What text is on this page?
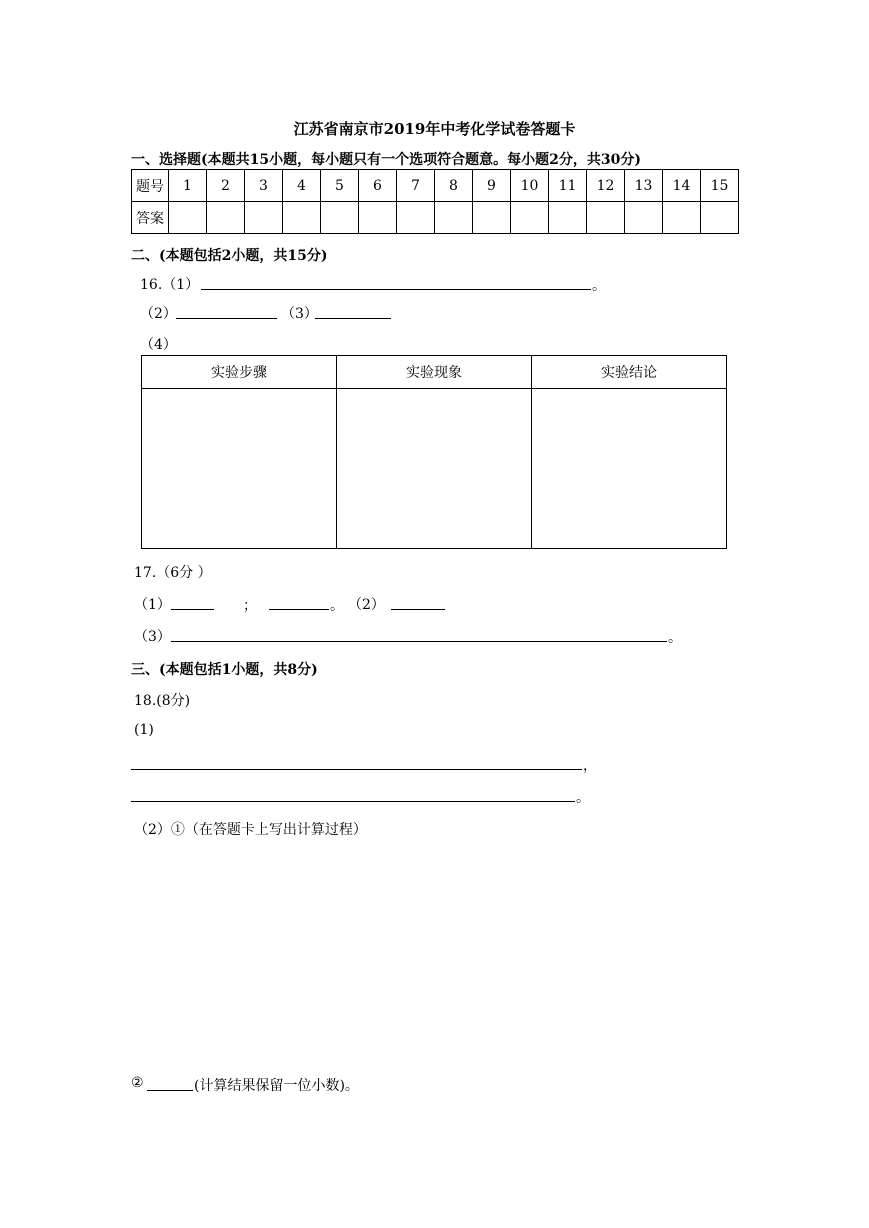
江苏省南京市2019年中考化学试卷答题卡
一、选择题(本题共15小题，每小题只有一个选项符合题意。每小题2分，共30分)
题号	1	2	3	4	5	6	7	8	9	10	11	12	13	14	15
答案															
二、(本题包括2小题，共15分)
16.（1）	。
（2）	（3）
（4）
实验步骤	实验现象	实验结论

17.（6分 ）
（1）	；	。 （2）
（3）	。
三、(本题包括1小题，共8分)
18.(8分)
(1)
，
。
（2）①（在答题卡上写出计算过程）
②	(计算结果保留一位小数)。
